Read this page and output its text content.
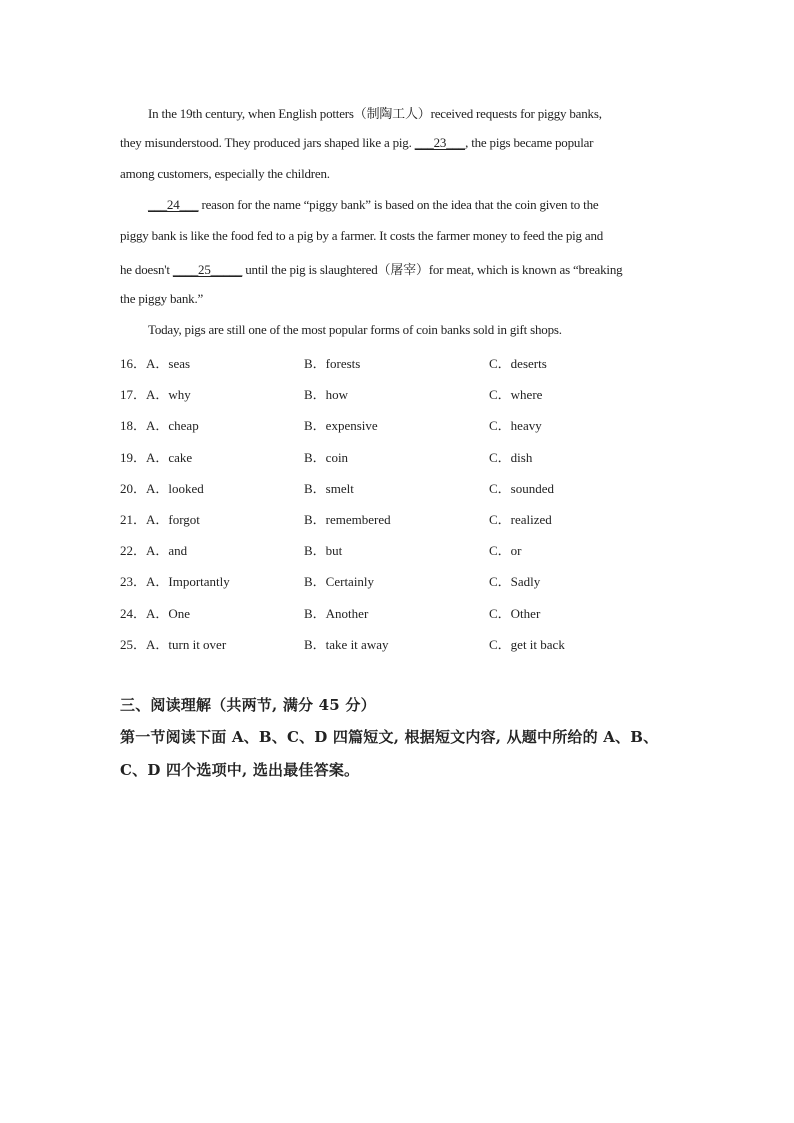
In the 19th century, when English potters（制陶工人）received requests for piggy banks,
they misunderstood. They produced jars shaped like a pig. ___23___, the pigs became popular
among customers, especially the children.
___24___ reason for the name “piggy bank” is based on the idea that the coin given to the
piggy bank is like the food fed to a pig by a farmer. It costs the farmer money to feed the pig and
he doesn't ____25_____ until the pig is slaughtered（屠宰）for meat, which is known as “breaking
the piggy bank.”
Today, pigs are still one of the most popular forms of coin banks sold in gift shops.
16．A．seas	B．forests	C．deserts
17．A．why	B．how	C．where
18．A．cheap	B．expensive	C．heavy
19．A．cake	B．coin	C．dish
20．A．looked	B．smelt	C．sounded
21．A．forgot	B．remembered	C．realized
22．A．and	B．but	C．or
23．A．Importantly	B．Certainly	C．Sadly
24．A．One	B．Another	C．Other
25．A．turn it over	B．take it away	C．get it back
三、阅读理解（共两节, 满分 45 分）
第一节阅读下面 A、B、C、D 四篇短文, 根据短文内容, 从题中所给的 A、B、
C、D 四个选项中, 选出最佳答案。
